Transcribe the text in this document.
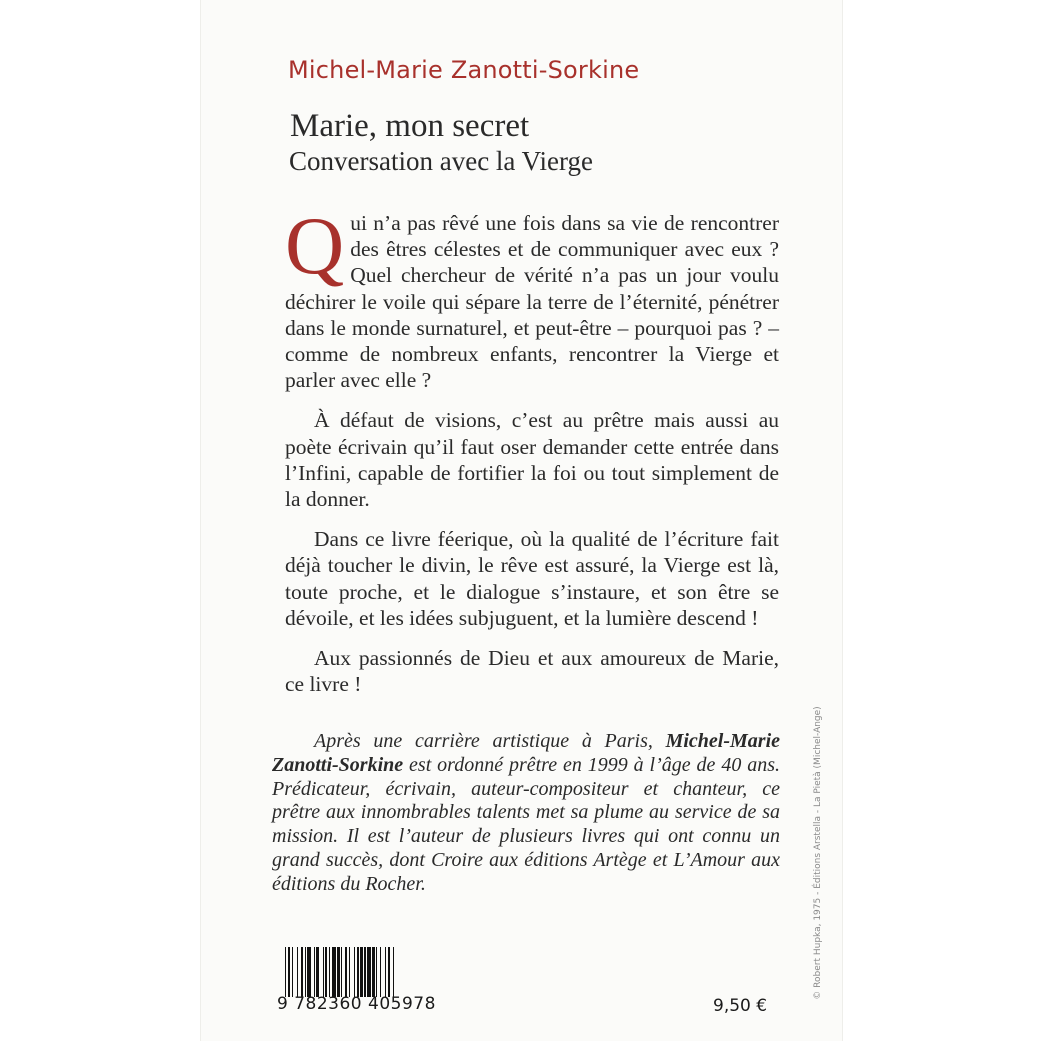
Michel-Marie Zanotti-Sorkine
Marie, mon secret
Conversation avec la Vierge

Qui n’a pas rêvé une fois dans sa vie de rencontrer des êtres célestes et de communiquer avec eux ? Quel chercheur de vérité n’a pas un jour voulu déchirer le voile qui sépare la terre de l’éternité, pénétrer dans le monde surnaturel, et peut-être – pourquoi pas ? – comme de nombreux enfants, rencontrer la Vierge et parler avec elle ?

À défaut de visions, c’est au prêtre mais aussi au poète écrivain qu’il faut oser demander cette entrée dans l’Infini, capable de fortifier la foi ou tout simplement de la donner.

Dans ce livre féerique, où la qualité de l’écriture fait déjà toucher le divin, le rêve est assuré, la Vierge est là, toute proche, et le dialogue s’instaure, et son être se dévoile, et les idées subjuguent, et la lumière descend !

Aux passionnés de Dieu et aux amoureux de Marie, ce livre !

Après une carrière artistique à Paris, Michel-Marie Zanotti-Sorkine est ordonné prêtre en 1999 à l’âge de 40 ans. Prédicateur, écrivain, auteur-compositeur et chanteur, ce prêtre aux innombrables talents met sa plume au service de sa mission. Il est l’auteur de plusieurs livres qui ont connu un grand succès, dont Croire aux éditions Artège et L’Amour aux éditions du Rocher.

9 782360 405978	9,50 €
© Robert Hupka, 1975 - Éditions Arstella - La Pietà (Michel-Ange)
